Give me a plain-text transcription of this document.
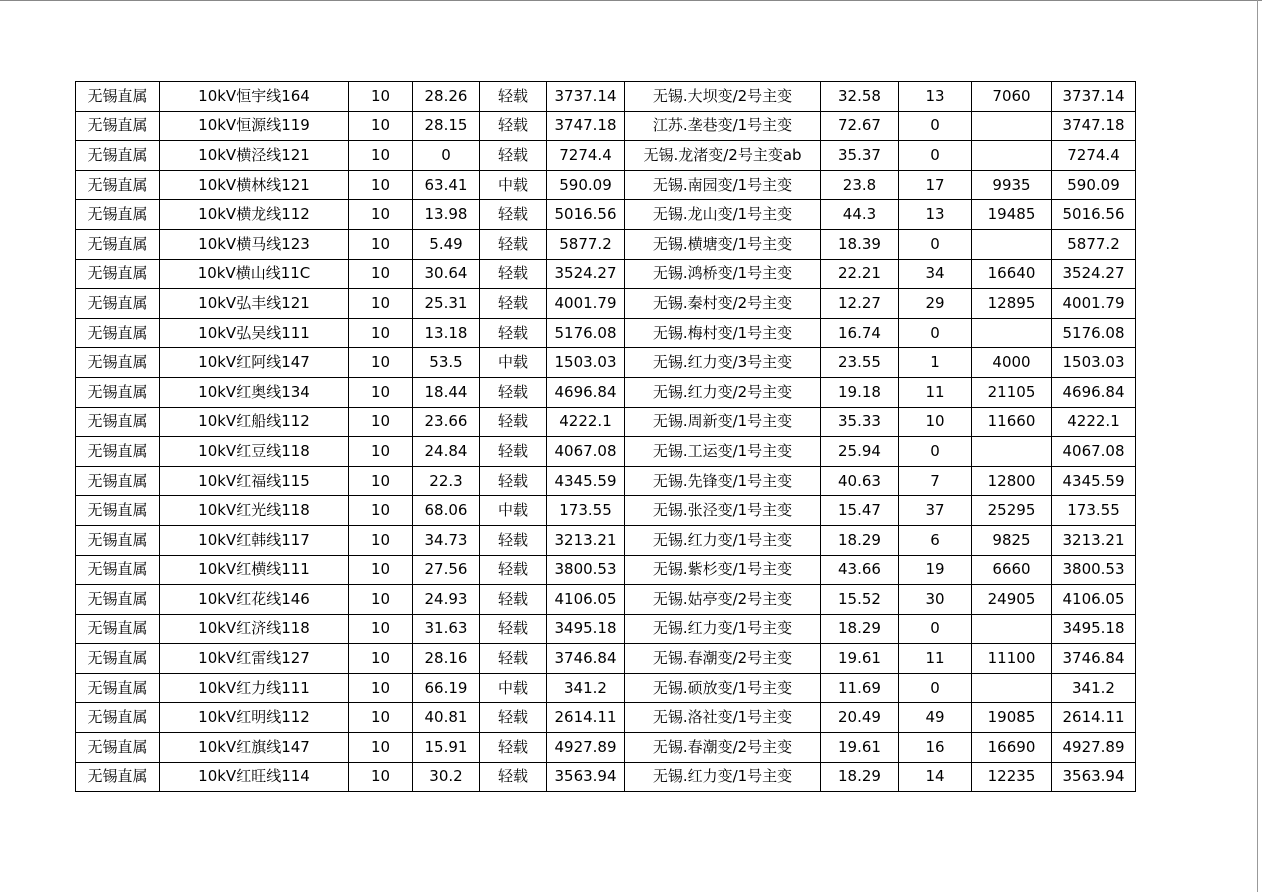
无锡直属	10kV恒宇线164	10	28.26	轻载	3737.14	无锡.大坝变/2号主变	32.58	13	7060	3737.14
无锡直属	10kV恒源线119	10	28.15	轻载	3747.18	江苏.垄巷变/1号主变	72.67	0		3747.18
无锡直属	10kV横泾线121	10	0	轻载	7274.4	无锡.龙渚变/2号主变ab	35.37	0		7274.4
无锡直属	10kV横林线121	10	63.41	中载	590.09	无锡.南园变/1号主变	23.8	17	9935	590.09
无锡直属	10kV横龙线112	10	13.98	轻载	5016.56	无锡.龙山变/1号主变	44.3	13	19485	5016.56
无锡直属	10kV横马线123	10	5.49	轻载	5877.2	无锡.横塘变/1号主变	18.39	0		5877.2
无锡直属	10kV横山线11C	10	30.64	轻载	3524.27	无锡.鸿桥变/1号主变	22.21	34	16640	3524.27
无锡直属	10kV弘丰线121	10	25.31	轻载	4001.79	无锡.秦村变/2号主变	12.27	29	12895	4001.79
无锡直属	10kV弘吴线111	10	13.18	轻载	5176.08	无锡.梅村变/1号主变	16.74	0		5176.08
无锡直属	10kV红阿线147	10	53.5	中载	1503.03	无锡.红力变/3号主变	23.55	1	4000	1503.03
无锡直属	10kV红奥线134	10	18.44	轻载	4696.84	无锡.红力变/2号主变	19.18	11	21105	4696.84
无锡直属	10kV红船线112	10	23.66	轻载	4222.1	无锡.周新变/1号主变	35.33	10	11660	4222.1
无锡直属	10kV红豆线118	10	24.84	轻载	4067.08	无锡.工运变/1号主变	25.94	0		4067.08
无锡直属	10kV红福线115	10	22.3	轻载	4345.59	无锡.先锋变/1号主变	40.63	7	12800	4345.59
无锡直属	10kV红光线118	10	68.06	中载	173.55	无锡.张泾变/1号主变	15.47	37	25295	173.55
无锡直属	10kV红韩线117	10	34.73	轻载	3213.21	无锡.红力变/1号主变	18.29	6	9825	3213.21
无锡直属	10kV红横线111	10	27.56	轻载	3800.53	无锡.紫杉变/1号主变	43.66	19	6660	3800.53
无锡直属	10kV红花线146	10	24.93	轻载	4106.05	无锡.姑亭变/2号主变	15.52	30	24905	4106.05
无锡直属	10kV红济线118	10	31.63	轻载	3495.18	无锡.红力变/1号主变	18.29	0		3495.18
无锡直属	10kV红雷线127	10	28.16	轻载	3746.84	无锡.春潮变/2号主变	19.61	11	11100	3746.84
无锡直属	10kV红力线111	10	66.19	中载	341.2	无锡.硕放变/1号主变	11.69	0		341.2
无锡直属	10kV红明线112	10	40.81	轻载	2614.11	无锡.洛社变/1号主变	20.49	49	19085	2614.11
无锡直属	10kV红旗线147	10	15.91	轻载	4927.89	无锡.春潮变/2号主变	19.61	16	16690	4927.89
无锡直属	10kV红旺线114	10	30.2	轻载	3563.94	无锡.红力变/1号主变	18.29	14	12235	3563.94
